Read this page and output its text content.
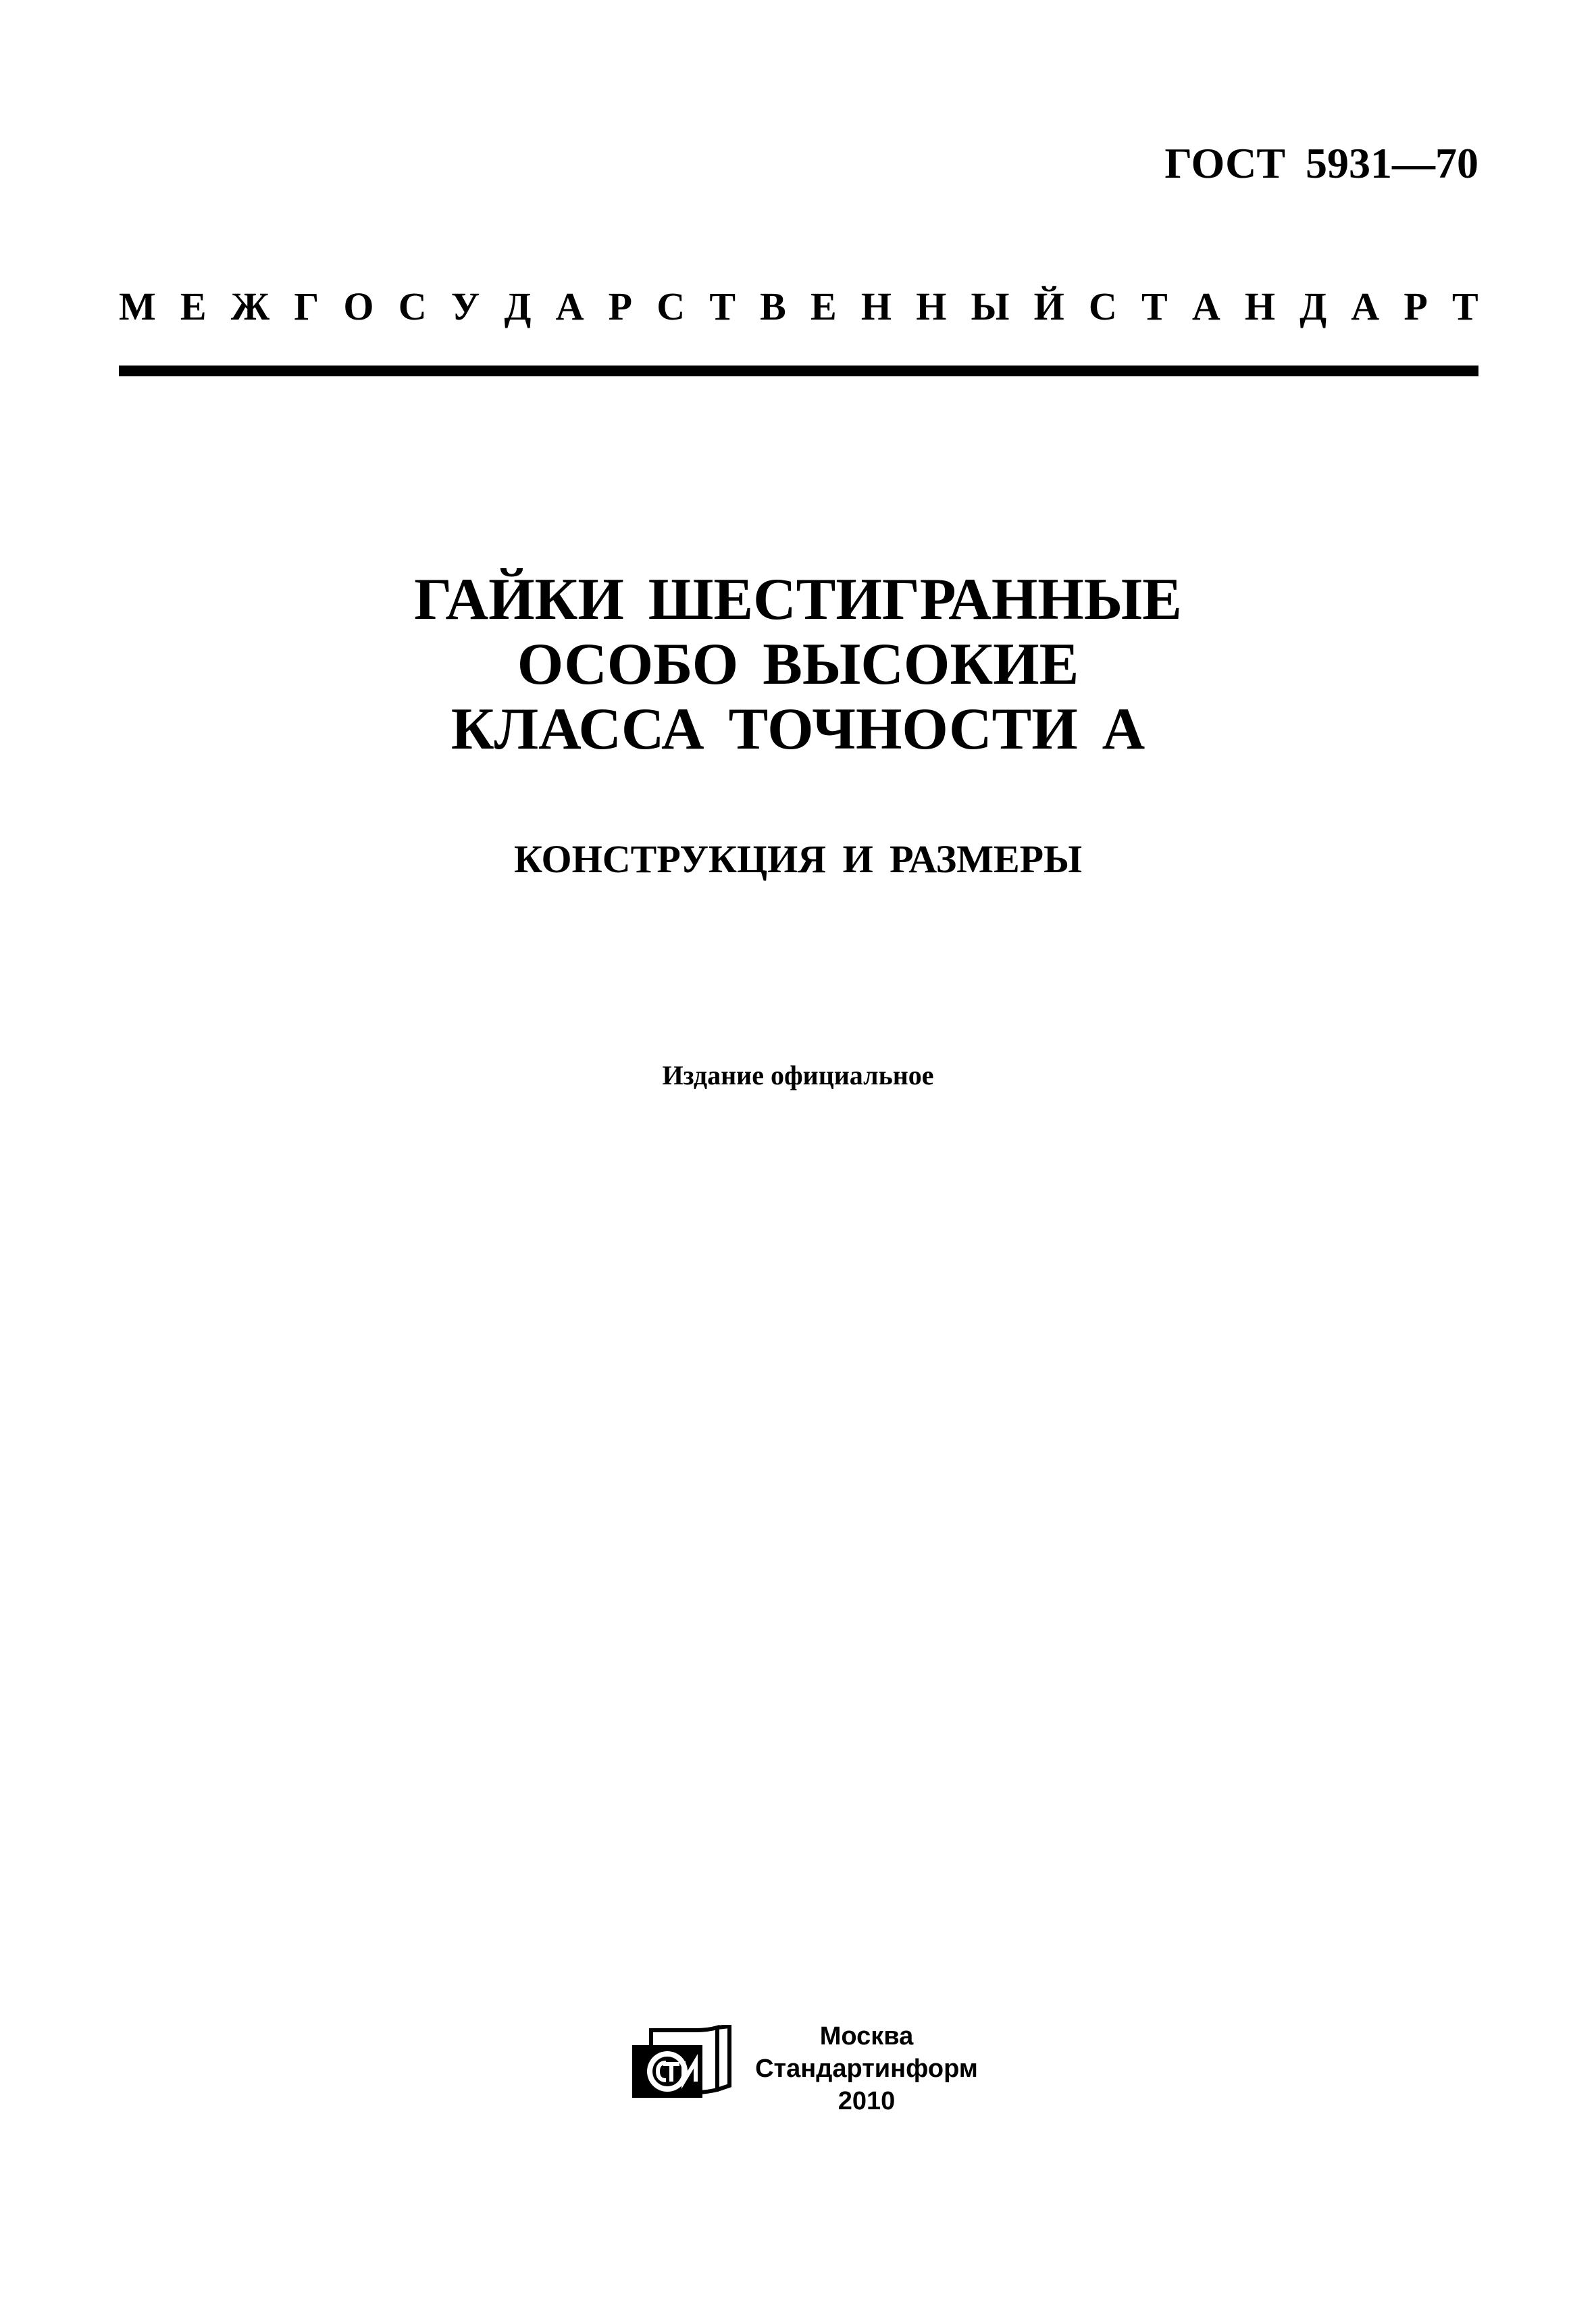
ГОСТ 5931—70
М Е Ж Г О С У Д А Р С Т В Е Н Н Ы Й С Т А Н Д А Р Т
ГАЙКИ ШЕСТИГРАННЫЕ
ОСОБО ВЫСОКИЕ
КЛАССА ТОЧНОСТИ А
КОНСТРУКЦИЯ И РАЗМЕРЫ
Издание официальное
Москва
Стандартинформ
2010
